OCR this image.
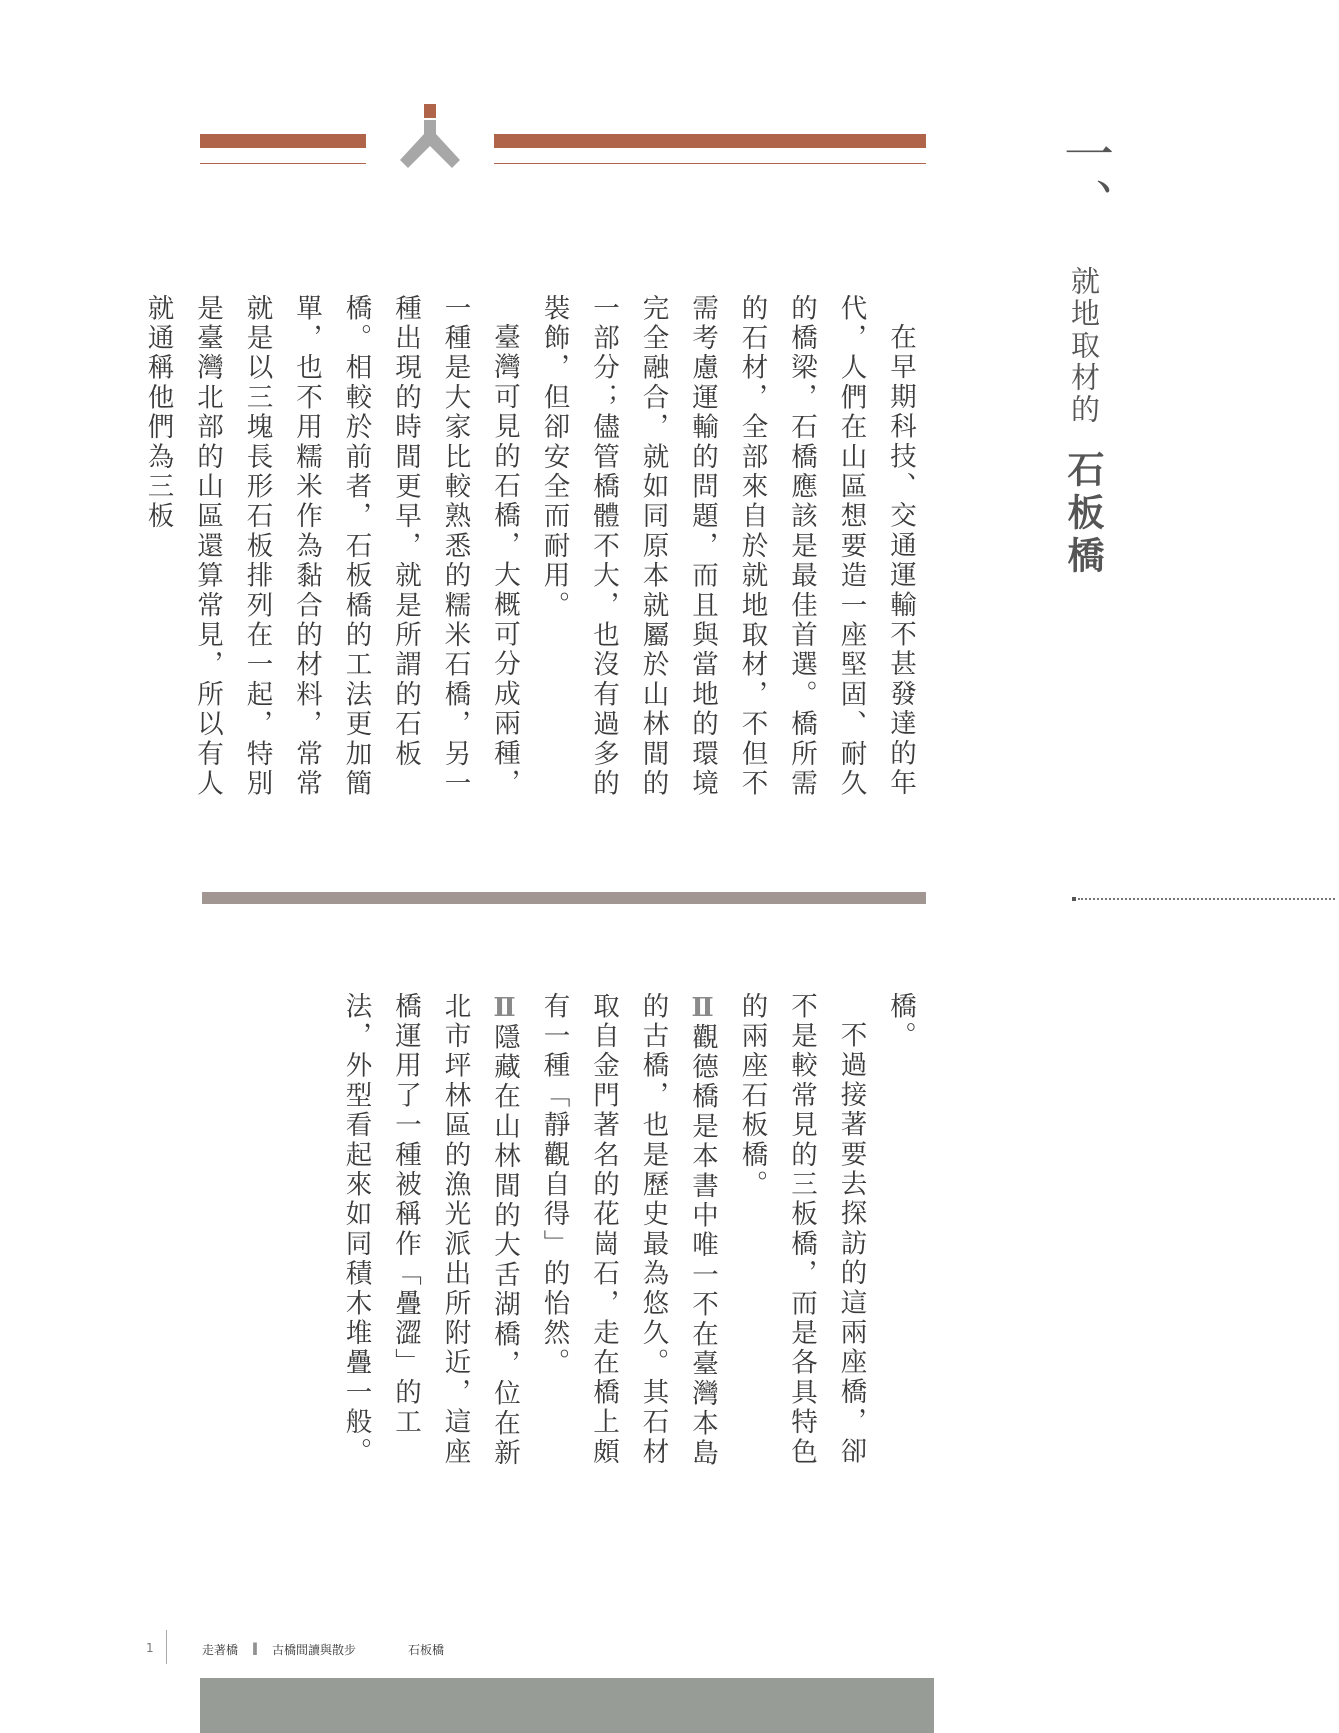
一、
就地取材的
石板橋

在早期科技、交通運輸不甚發達的年代，人們在山區想要造一座堅固、耐久的橋梁，石橋應該是最佳首選。橋所需的石材，全部來自於就地取材，不但不需考慮運輸的問題，而且與當地的環境完全融合，就如同原本就屬於山林間的一部分；儘管橋體不大，也沒有過多的裝飾，但卻安全而耐用。

臺灣可見的石橋，大概可分成兩種，一種是大家比較熟悉的糯米石橋，另一種出現的時間更早，就是所謂的石板橋。相較於前者，石板橋的工法更加簡單，也不用糯米作為黏合的材料，常常就是以三塊長形石板排列在一起，特別是臺灣北部的山區還算常見，所以有人就通稱他們為三板

橋。

不過接著要去探訪的這兩座橋，卻不是較常見的三板橋，而是各具特色的兩座石板橋。

Ⅱ觀德橋是本書中唯一不在臺灣本島的古橋，也是歷史最為悠久。其石材取自金門著名的花崗石，走在橋上頗有一種「靜觀自得」的怡然。

Ⅱ隱藏在山林間的大舌湖橋，位在新北市坪林區的漁光派出所附近，這座橋運用了一種被稱作「疊澀」的工法，外型看起來如同積木堆疊一般。

1	走著橋 ‖ 古橋間讀與散步	石板橋
